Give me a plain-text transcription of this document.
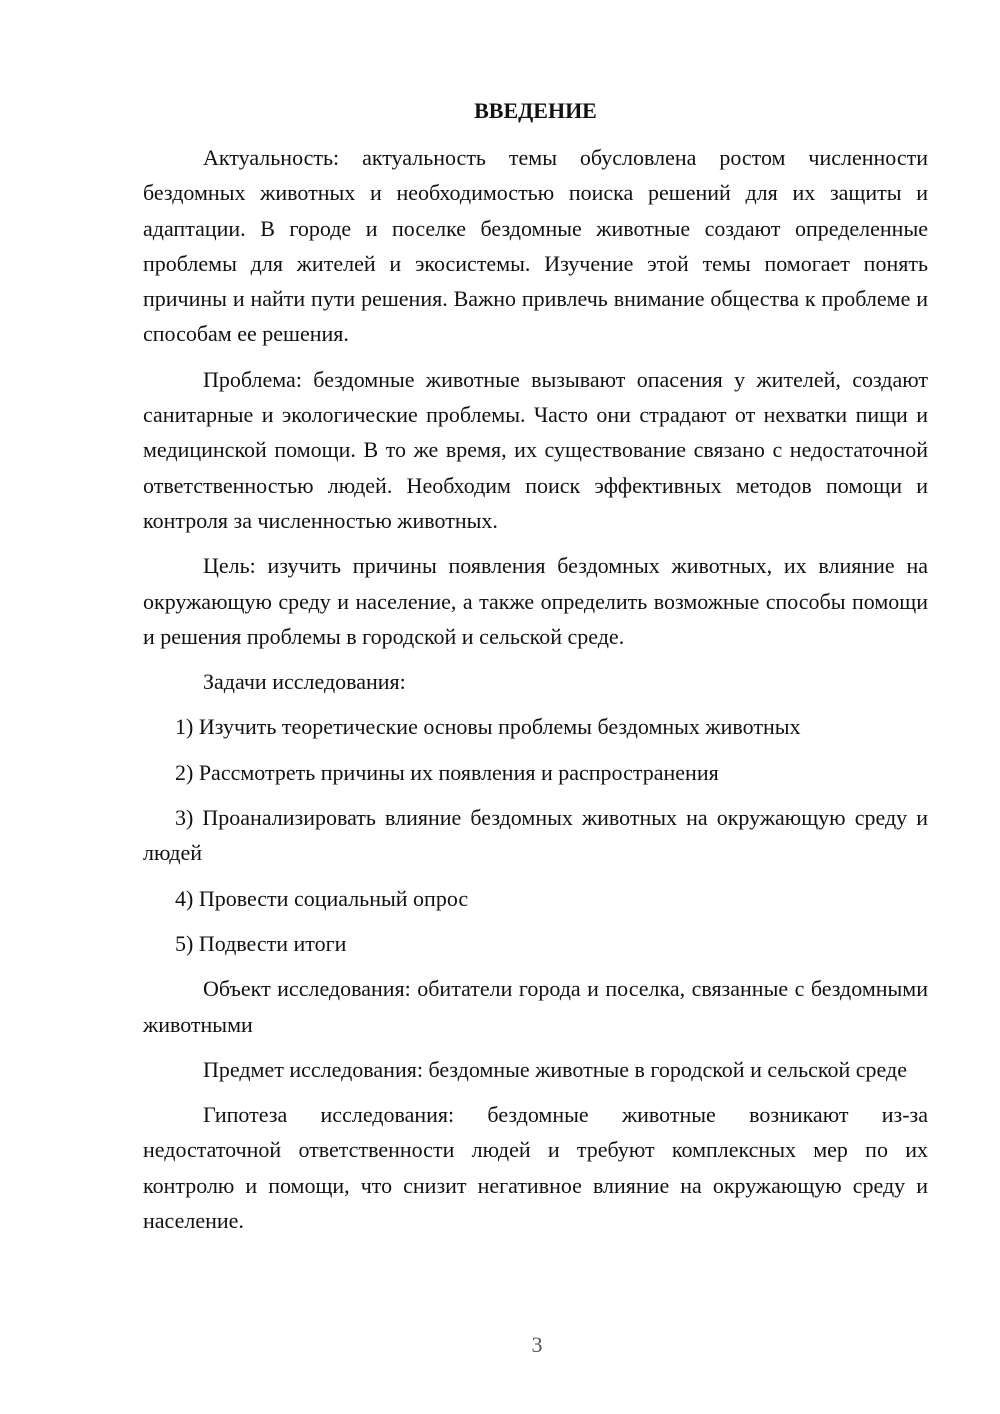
ВВЕДЕНИЕ

Актуальность: актуальность темы обусловлена ростом численности бездомных животных и необходимостью поиска решений для их защиты и адаптации. В городе и поселке бездомные животные создают определенные проблемы для жителей и экосистемы. Изучение этой темы помогает понять причины и найти пути решения. Важно привлечь внимание общества к проблеме и способам ее решения.

Проблема: бездомные животные вызывают опасения у жителей, создают санитарные и экологические проблемы. Часто они страдают от нехватки пищи и медицинской помощи. В то же время, их существование связано с недостаточной ответственностью людей. Необходим поиск эффективных методов помощи и контроля за численностью животных.

Цель: изучить причины появления бездомных животных, их влияние на окружающую среду и население, а также определить возможные способы помощи и решения проблемы в городской и сельской среде.

Задачи исследования:

1) Изучить теоретические основы проблемы бездомных животных

2) Рассмотреть причины их появления и распространения

3) Проанализировать влияние бездомных животных на окружающую среду и людей

4) Провести социальный опрос

5) Подвести итоги

Объект исследования: обитатели города и поселка, связанные с бездомными животными

Предмет исследования: бездомные животные в городской и сельской среде

Гипотеза исследования: бездомные животные возникают из-за недостаточной ответственности людей и требуют комплексных мер по их контролю и помощи, что снизит негативное влияние на окружающую среду и население.

3
